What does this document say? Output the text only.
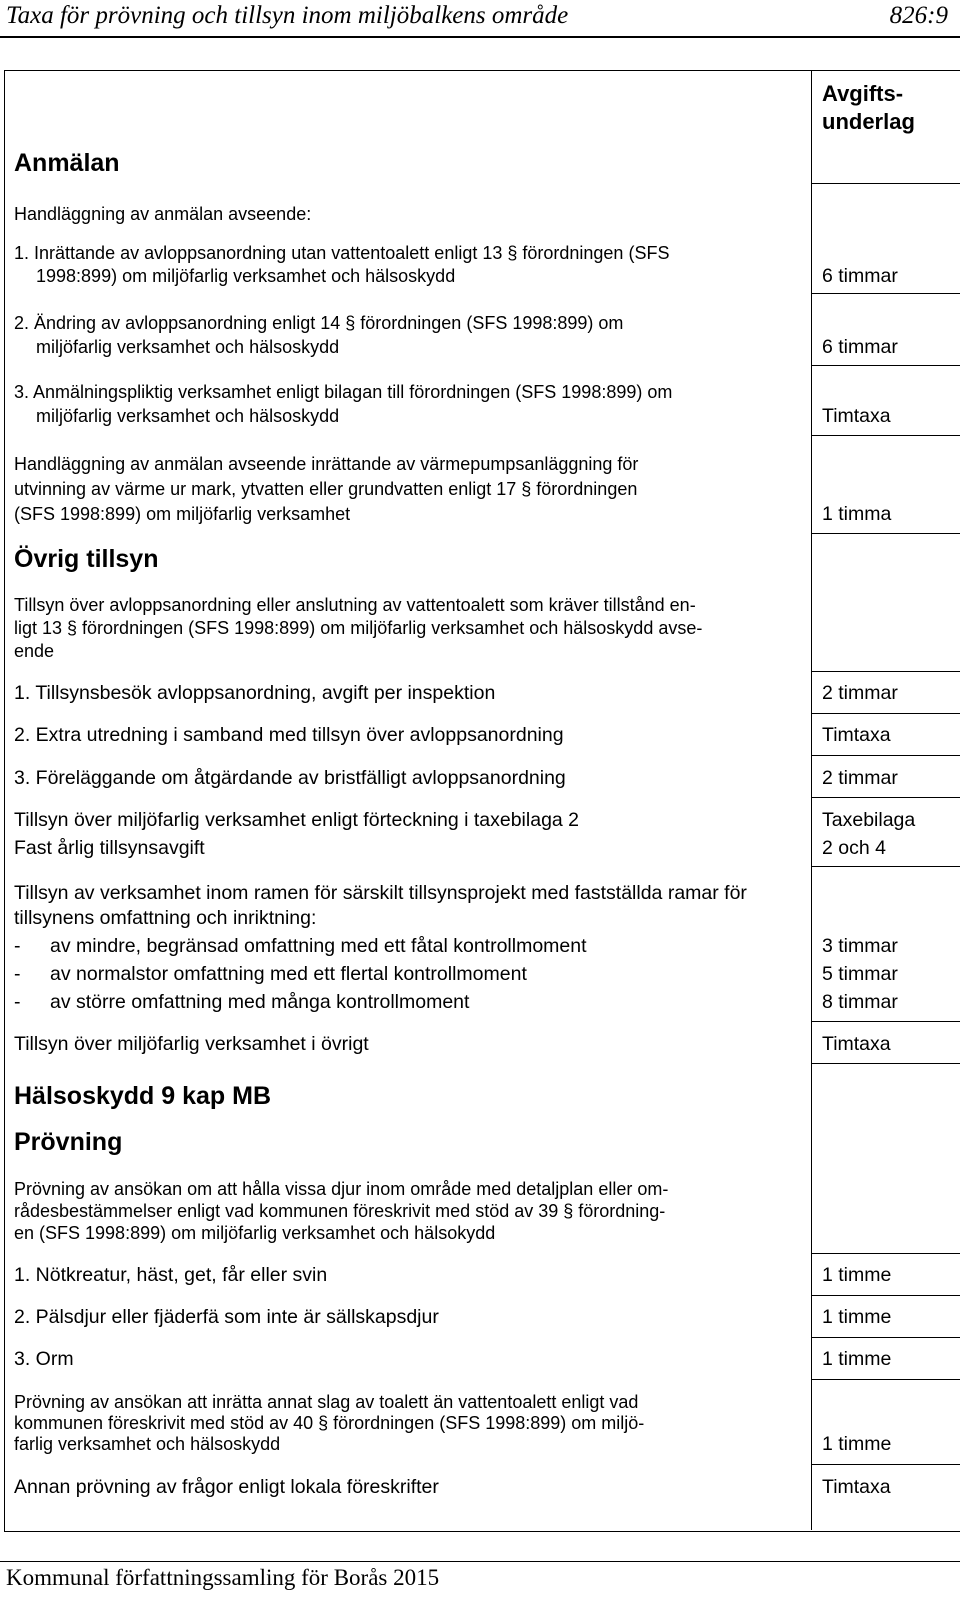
Taxa för prövning och tillsyn inom miljöbalkens område	826:9
Avgifts-
underlag
Anmälan
Handläggning av anmälan avseende:
1. Inrättande av avloppsanordning utan vattentoalett enligt 13 § förordningen (SFS
1998:899) om miljöfarlig verksamhet och hälsoskydd	6 timmar
2. Ändring av avloppsanordning enligt 14 § förordningen (SFS 1998:899) om
miljöfarlig verksamhet och hälsoskydd	6 timmar
3. Anmälningspliktig verksamhet enligt bilagan till förordningen (SFS 1998:899) om
miljöfarlig verksamhet och hälsoskydd	Timtaxa
Handläggning av anmälan avseende inrättande av värmepumpsanläggning för
utvinning av värme ur mark, ytvatten eller grundvatten enligt 17 § förordningen
(SFS 1998:899) om miljöfarlig verksamhet	1 timma
Övrig tillsyn
Tillsyn över avloppsanordning eller anslutning av vattentoalett som kräver tillstånd en-
ligt 13 § förordningen (SFS 1998:899) om miljöfarlig verksamhet och hälsoskydd avse-
ende
1. Tillsynsbesök avloppsanordning, avgift per inspektion	2 timmar
2. Extra utredning i samband med tillsyn över avloppsanordning	Timtaxa
3. Föreläggande om åtgärdande av bristfälligt avloppsanordning	2 timmar
Tillsyn över miljöfarlig verksamhet enligt förteckning i taxebilaga 2	Taxebilaga
Fast årlig tillsynsavgift	2 och 4
Tillsyn av verksamhet inom ramen för särskilt tillsynsprojekt med fastställda ramar för
tillsynens omfattning och inriktning:
- av mindre, begränsad omfattning med ett fåtal kontrollmoment	3 timmar
- av normalstor omfattning med ett flertal kontrollmoment	5 timmar
- av större omfattning med många kontrollmoment	8 timmar
Tillsyn över miljöfarlig verksamhet i övrigt	Timtaxa
Hälsoskydd 9 kap MB
Prövning
Prövning av ansökan om att hålla vissa djur inom område med detaljplan eller om-
rådesbestämmelser enligt vad kommunen föreskrivit med stöd av 39 § förordning-
en (SFS 1998:899) om miljöfarlig verksamhet och hälsokydd
1. Nötkreatur, häst, get, får eller svin	1 timme
2. Pälsdjur eller fjäderfä som inte är sällskapsdjur	1 timme
3. Orm	1 timme
Prövning av ansökan att inrätta annat slag av toalett än vattentoalett enligt vad
kommunen föreskrivit med stöd av 40 § förordningen (SFS 1998:899) om miljö-
farlig verksamhet och hälsoskydd	1 timme
Annan prövning av frågor enligt lokala föreskrifter	Timtaxa
Kommunal författningssamling för Borås 2015
